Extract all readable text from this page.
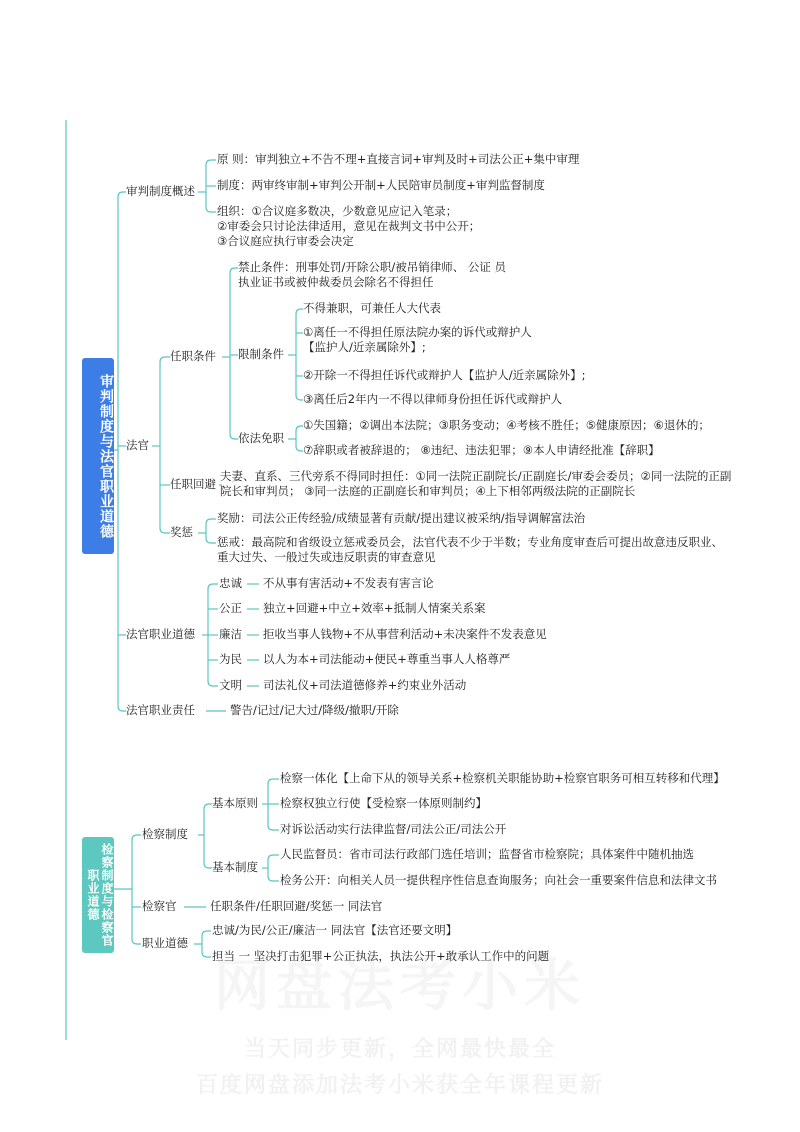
当天同步更新，全网最快最全
百度网盘添加法考小米获全年课程更新
审判制度与法官职业道德
检察制度与检察官职业道德
审判制度概述
原 则：审判独立+不告不理+直接言词+审判及时+司法公正+集中审理
制度：两审终审制+审判公开制+人民陪审员制度+审判监督制度
组织：①合议庭多数决，少数意见应记入笔录；
②审委会只讨论法律适用，意见在裁判文书中公开；
③合议庭应执行审委会决定
法官
任职条件
禁止条件：刑事处罚/开除公职/被吊销律师、 公证 员执业证书或被仲裁委员会除名不得担任
限制条件
不得兼职，可兼任人大代表
①离任一不得担任原法院办案的诉代或辩护人 【监护人/近亲属除外】;
②开除一不得担任诉代或辩护人【监护人/近亲属除外】;
③离任后2年内一不得以律师身份担任诉代或辩护人
依法免职
①失国籍；②调出本法院；③职务变动；④考核不胜任；⑤健康原因；⑥退休的；
⑦辞职或者被辞退的； ⑧违纪、违法犯罪；⑨本人申请经批准【辞职】
任职回避
夫妻、直系、三代旁系不得同时担任：①同一法院正副院长/正副庭长/审委会委员；②同一法院的正副院长和审判员； ③同一法庭的正副庭长和审判员；④上下相邻两级法院的正副院长
奖惩
奖励：司法公正传经验/成绩显著有贡献/提出建议被采纳/指导调解富法治
惩戒：最高院和省级设立惩戒委员会，法官代表不少于半数；专业角度审查后可提出故意违反职业、 重大过失、一般过失或违反职责的审查意见
法官职业道德
忠诚 不从事有害活动+不发表有害言论
公正 独立+回避+中立+效率+抵制人情案关系案
廉洁 拒收当事人钱物+不从事营利活动+未决案件不发表意见
为民 以人为本+司法能动+便民+尊重当事人人格尊严
文明 司法礼仪+司法道德修养+约束业外活动
法官职业责任	警告/记过/记大过/降级/撤职/开除
检察制度
基本原则
检察一体化【上命下从的领导关系+检察机关职能协助+检察官职务可相互转移和代理】
检察权独立行使【受检察一体原则制约】
对诉讼活动实行法律监督/司法公正/司法公开
基本制度
人民监督员：省市司法行政部门选任培训；监督省市检察院；具体案件中随机抽选
检务公开：向相关人员一提供程序性信息查询服务；向社会一重要案件信息和法律文书
检察官	任职条件/任职回避/奖惩一 同法官
职业道德
忠诚/为民/公正/廉洁一 同法官【法官还要文明】
担当 一 坚决打击犯罪+公正执法，执法公开+敢承认工作中的问题
